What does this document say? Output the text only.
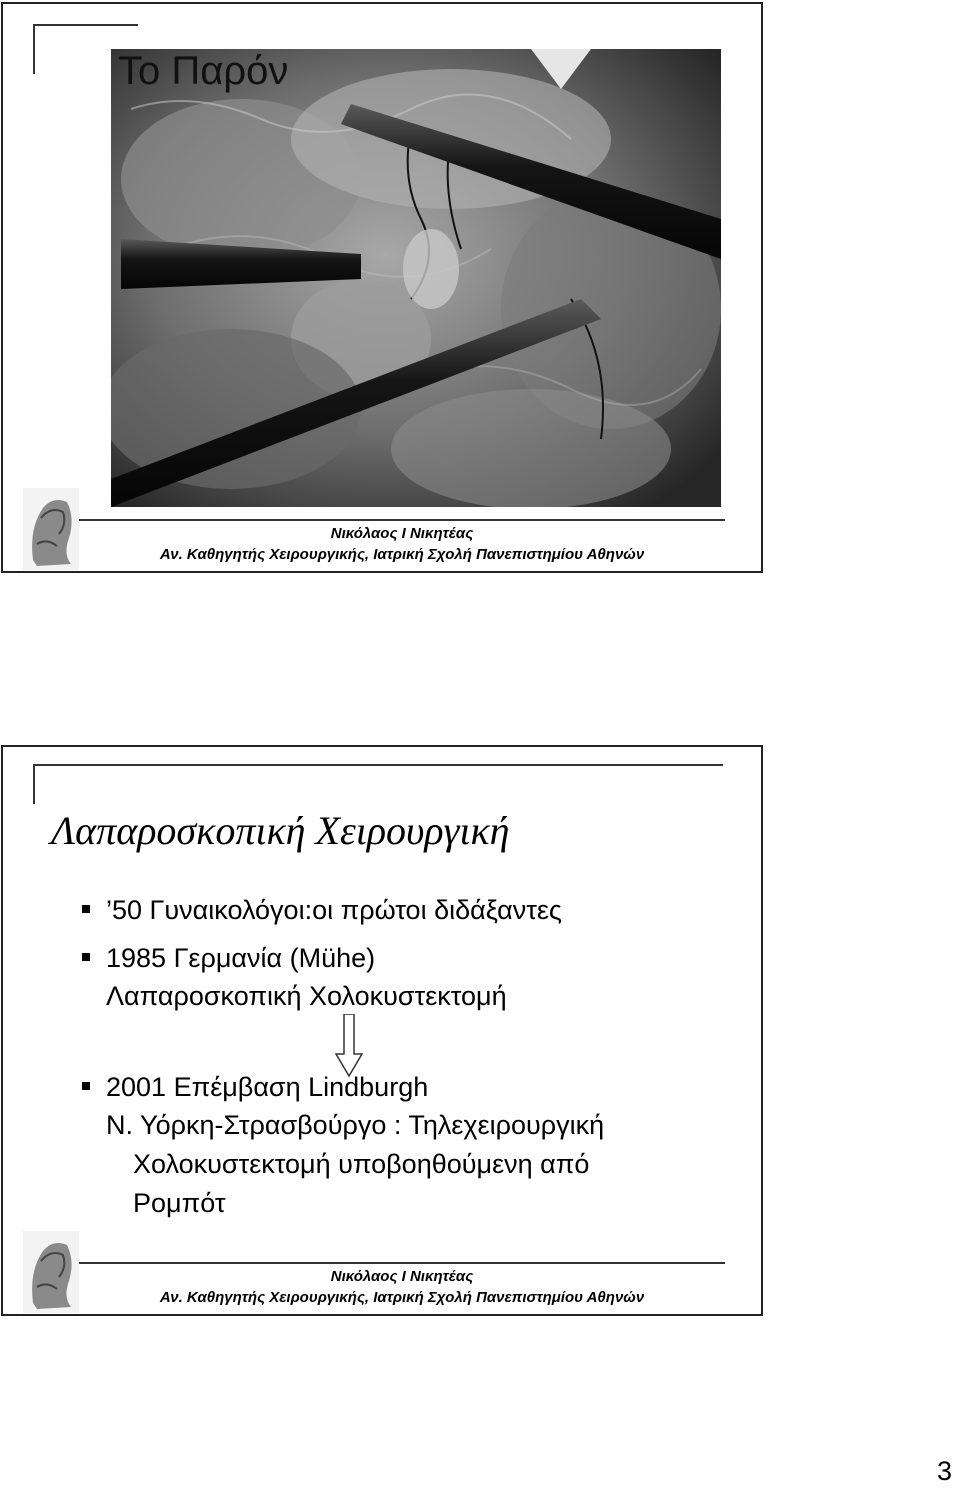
Το Παρόν

Νικόλαος Ι Νικητέας

Αν. Καθηγητής Χειρουργικής, Ιατρική Σχολή Πανεπιστημίου Αθηνών

Λαπαροσκοπική Χειρουργική

’50 Γυναικολόγοι:οι πρώτοι διδάξαντες

1985 Γερμανία (Mühe)

Λαπαροσκοπική Χολοκυστεκτομή

2001 Επέμβαση Lindburgh

Ν. Υόρκη-Στρασβούργο : Τηλεχειρουργική

Χολοκυστεκτομή υποβοηθούμενη από

Ρομπότ

Νικόλαος Ι Νικητέας

Αν. Καθηγητής Χειρουργικής, Ιατρική Σχολή Πανεπιστημίου Αθηνών

3
